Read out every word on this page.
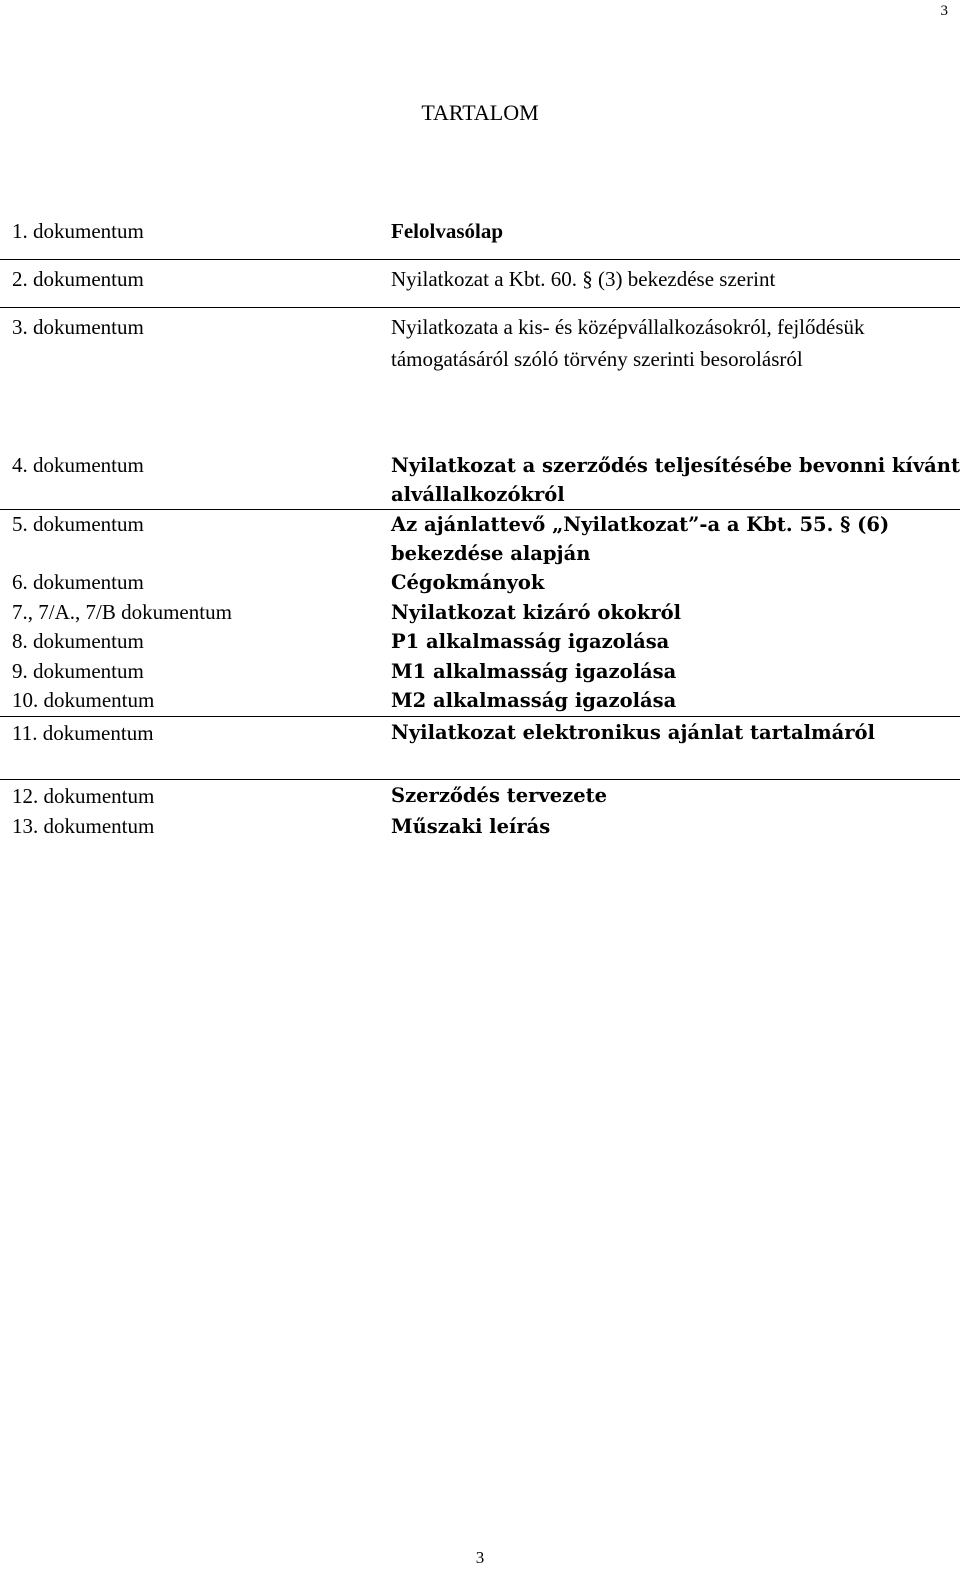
3
TARTALOM
1. dokumentum	Felolvasólap
2. dokumentum	Nyilatkozat a Kbt. 60. § (3) bekezdése szerint
3. dokumentum	Nyilatkozata a kis- és középvállalkozásokról, fejlődésük támogatásáról szóló törvény szerinti besorolásról
4. dokumentum	Nyilatkozat a szerződés teljesítésébe bevonni kívánt alvállalkozókról
5. dokumentum	Az ajánlattevő „Nyilatkozat”-a a Kbt. 55. § (6) bekezdése alapján
6. dokumentum	Cégokmányok
7., 7/A., 7/B dokumentum	Nyilatkozat kizáró okokról
8. dokumentum	P1 alkalmasság igazolása
9. dokumentum	M1 alkalmasság igazolása
10. dokumentum	M2 alkalmasság igazolása
11. dokumentum	Nyilatkozat elektronikus ajánlat tartalmáról
12. dokumentum	Szerződés tervezete
13. dokumentum	Műszaki leírás
3
